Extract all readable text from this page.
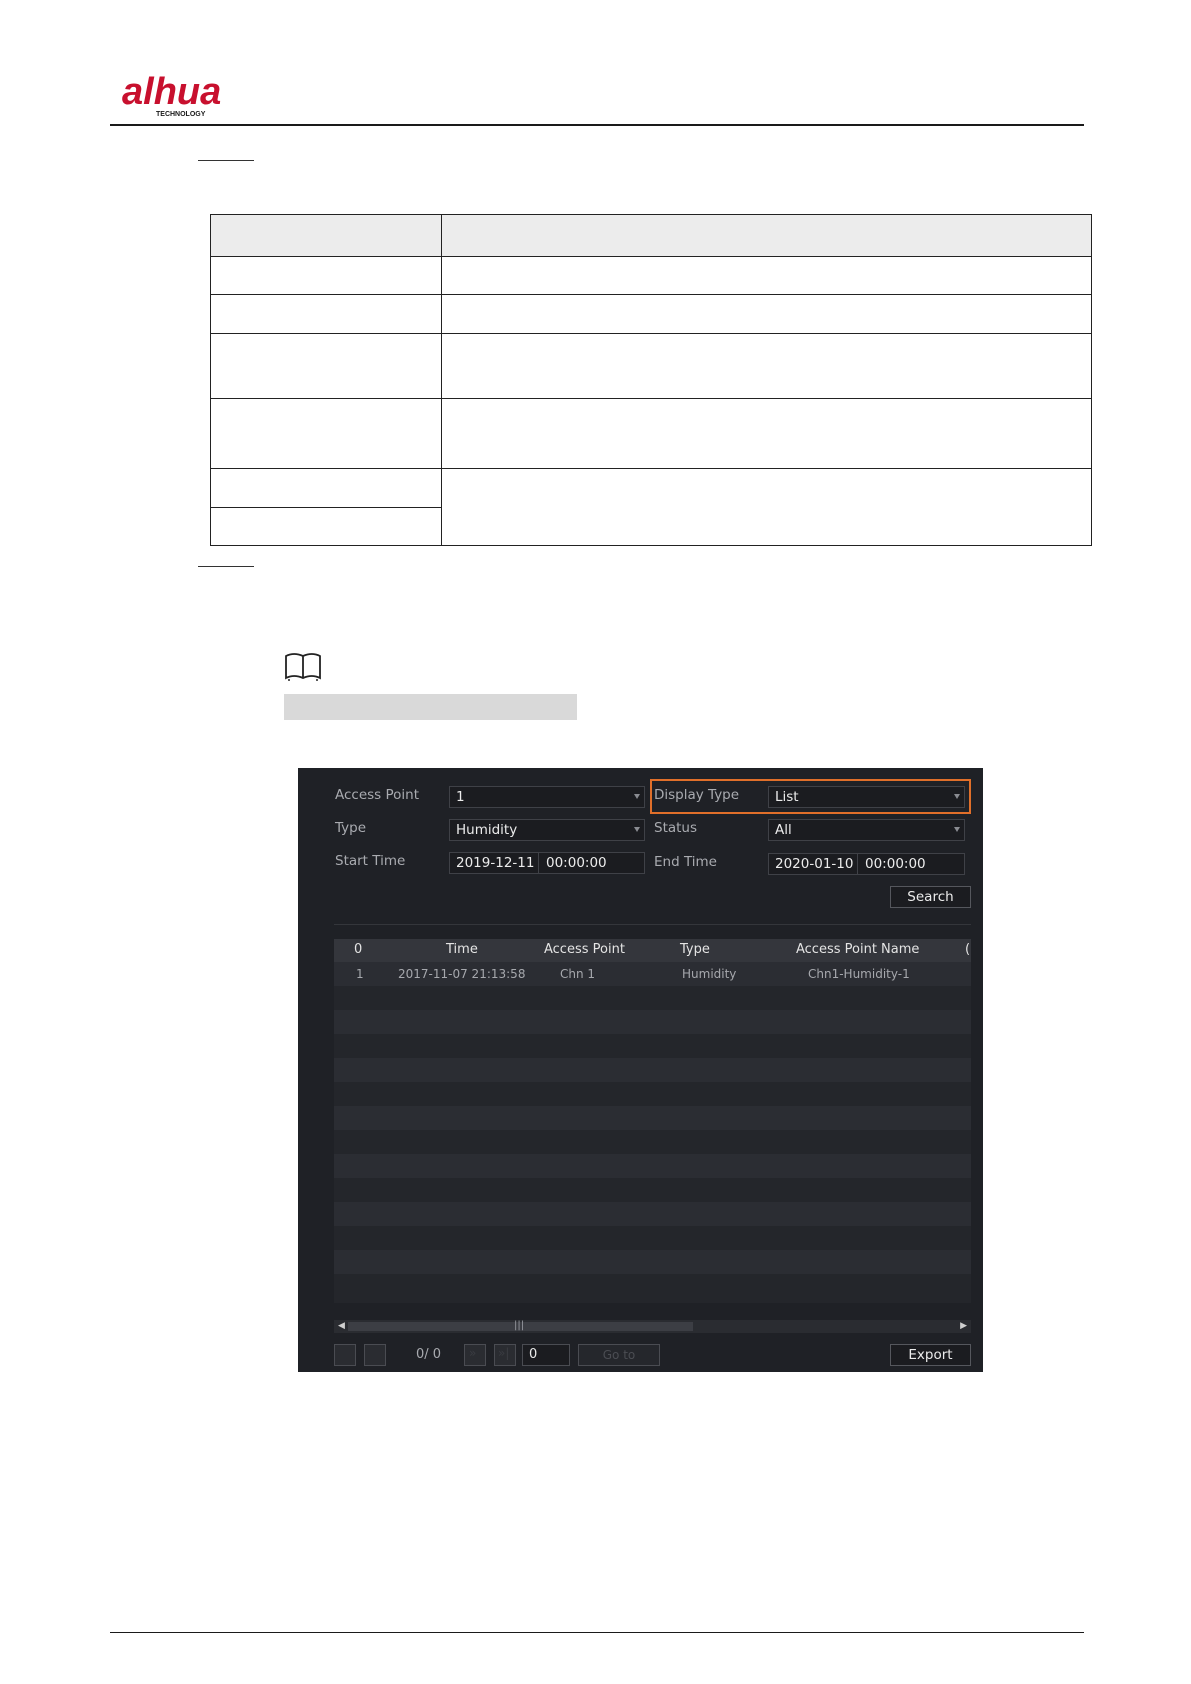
alhua
TECHNOLOGY
Access Point	1	Display Type	List
Type	Humidity	Status	All
Start Time	2019-12-11 00:00:00	End Time	2020-01-10 00:00:00
Search
0	Time	Access Point	Type	Access Point Name	(
1	2017-11-07 21:13:58	Chn 1	Humidity	Chn1-Humidity-1
◀	|||	▶
0/ 0 » »|	0	Go to	Export
